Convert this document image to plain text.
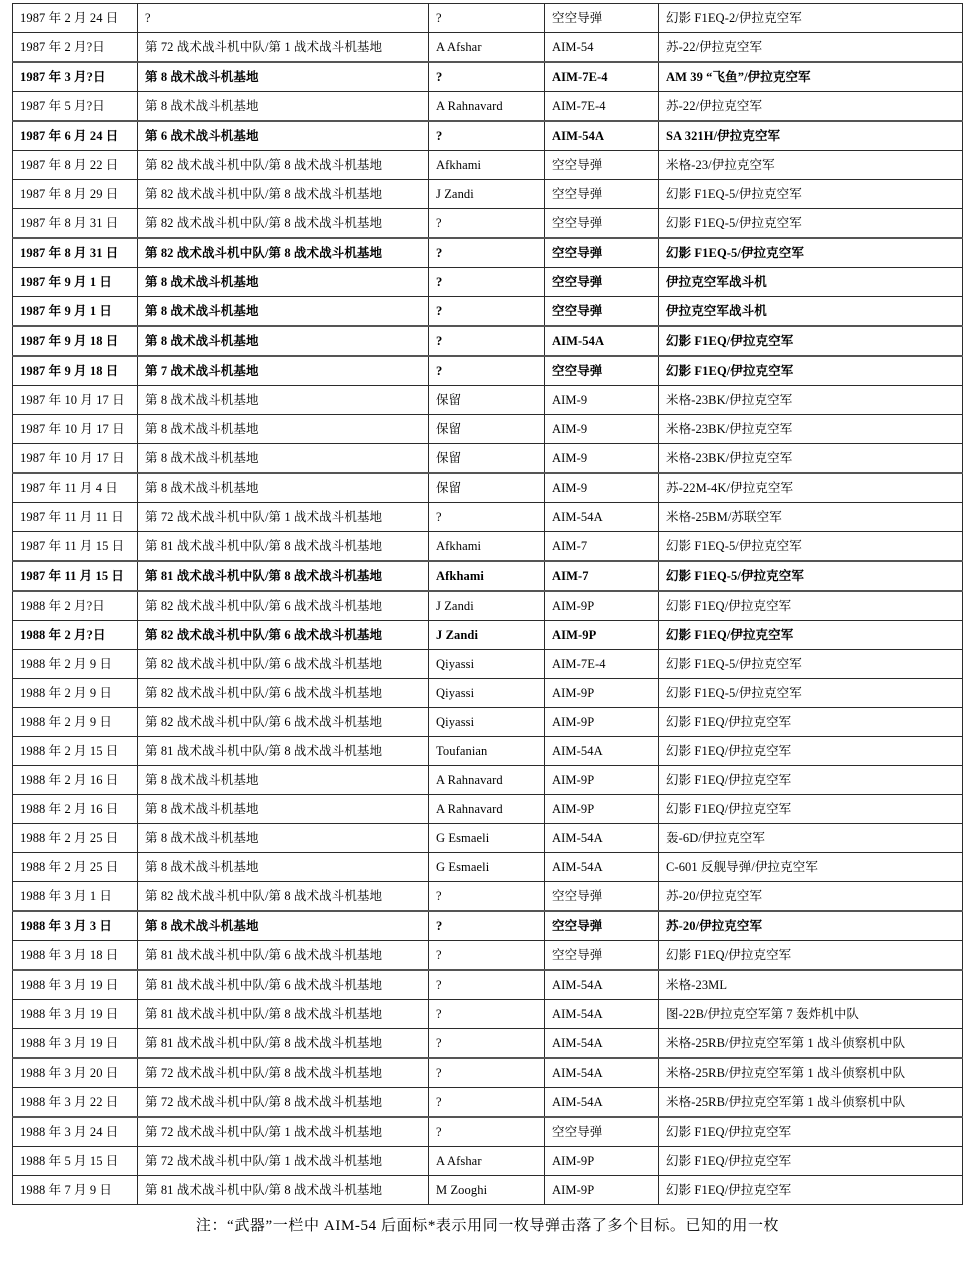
1987 年 2 月 24 日	?	?	空空导弹	幻影 F1EQ-2/伊拉克空军
1987 年 2 月?日	第 72 战术战斗机中队/第 1 战术战斗机基地	A Afshar	AIM-54	苏-22/伊拉克空军
1987 年 3 月?日	第 8 战术战斗机基地	?	AIM-7E-4	AM 39 “飞鱼”/伊拉克空军
1987 年 5 月?日	第 8 战术战斗机基地	A Rahnavard	AIM-7E-4	苏-22/伊拉克空军
1987 年 6 月 24 日	第 6 战术战斗机基地	?	AIM-54A	SA 321H/伊拉克空军
1987 年 8 月 22 日	第 82 战术战斗机中队/第 8 战术战斗机基地	Afkhami	空空导弹	米格-23/伊拉克空军
1987 年 8 月 29 日	第 82 战术战斗机中队/第 8 战术战斗机基地	J Zandi	空空导弹	幻影 F1EQ-5/伊拉克空军
1987 年 8 月 31 日	第 82 战术战斗机中队/第 8 战术战斗机基地	?	空空导弹	幻影 F1EQ-5/伊拉克空军
1987 年 8 月 31 日	第 82 战术战斗机中队/第 8 战术战斗机基地	?	空空导弹	幻影 F1EQ-5/伊拉克空军
1987 年 9 月 1 日	第 8 战术战斗机基地	?	空空导弹	伊拉克空军战斗机
1987 年 9 月 1 日	第 8 战术战斗机基地	?	空空导弹	伊拉克空军战斗机
1987 年 9 月 18 日	第 8 战术战斗机基地	?	AIM-54A	幻影 F1EQ/伊拉克空军
1987 年 9 月 18 日	第 7 战术战斗机基地	?	空空导弹	幻影 F1EQ/伊拉克空军
1987 年 10 月 17 日	第 8 战术战斗机基地	保留	AIM-9	米格-23BK/伊拉克空军
1987 年 10 月 17 日	第 8 战术战斗机基地	保留	AIM-9	米格-23BK/伊拉克空军
1987 年 10 月 17 日	第 8 战术战斗机基地	保留	AIM-9	米格-23BK/伊拉克空军
1987 年 11 月 4 日	第 8 战术战斗机基地	保留	AIM-9	苏-22M-4K/伊拉克空军
1987 年 11 月 11 日	第 72 战术战斗机中队/第 1 战术战斗机基地	?	AIM-54A	米格-25BM/苏联空军
1987 年 11 月 15 日	第 81 战术战斗机中队/第 8 战术战斗机基地	Afkhami	AIM-7	幻影 F1EQ-5/伊拉克空军
1987 年 11 月 15 日	第 81 战术战斗机中队/第 8 战术战斗机基地	Afkhami	AIM-7	幻影 F1EQ-5/伊拉克空军
1988 年 2 月?日	第 82 战术战斗机中队/第 6 战术战斗机基地	J Zandi	AIM-9P	幻影 F1EQ/伊拉克空军
1988 年 2 月?日	第 82 战术战斗机中队/第 6 战术战斗机基地	J Zandi	AIM-9P	幻影 F1EQ/伊拉克空军
1988 年 2 月 9 日	第 82 战术战斗机中队/第 6 战术战斗机基地	Qiyassi	AIM-7E-4	幻影 F1EQ-5/伊拉克空军
1988 年 2 月 9 日	第 82 战术战斗机中队/第 6 战术战斗机基地	Qiyassi	AIM-9P	幻影 F1EQ-5/伊拉克空军
1988 年 2 月 9 日	第 82 战术战斗机中队/第 6 战术战斗机基地	Qiyassi	AIM-9P	幻影 F1EQ/伊拉克空军
1988 年 2 月 15 日	第 81 战术战斗机中队/第 8 战术战斗机基地	Toufanian	AIM-54A	幻影 F1EQ/伊拉克空军
1988 年 2 月 16 日	第 8 战术战斗机基地	A Rahnavard	AIM-9P	幻影 F1EQ/伊拉克空军
1988 年 2 月 16 日	第 8 战术战斗机基地	A Rahnavard	AIM-9P	幻影 F1EQ/伊拉克空军
1988 年 2 月 25 日	第 8 战术战斗机基地	G Esmaeli	AIM-54A	轰-6D/伊拉克空军
1988 年 2 月 25 日	第 8 战术战斗机基地	G Esmaeli	AIM-54A	C-601 反舰导弹/伊拉克空军
1988 年 3 月 1 日	第 82 战术战斗机中队/第 8 战术战斗机基地	?	空空导弹	苏-20/伊拉克空军
1988 年 3 月 3 日	第 8 战术战斗机基地	?	空空导弹	苏-20/伊拉克空军
1988 年 3 月 18 日	第 81 战术战斗机中队/第 6 战术战斗机基地	?	空空导弹	幻影 F1EQ/伊拉克空军
1988 年 3 月 19 日	第 81 战术战斗机中队/第 6 战术战斗机基地	?	AIM-54A	米格-23ML
1988 年 3 月 19 日	第 81 战术战斗机中队/第 8 战术战斗机基地	?	AIM-54A	图-22B/伊拉克空军第 7 轰炸机中队
1988 年 3 月 19 日	第 81 战术战斗机中队/第 8 战术战斗机基地	?	AIM-54A	米格-25RB/伊拉克空军第 1 战斗侦察机中队
1988 年 3 月 20 日	第 72 战术战斗机中队/第 8 战术战斗机基地	?	AIM-54A	米格-25RB/伊拉克空军第 1 战斗侦察机中队
1988 年 3 月 22 日	第 72 战术战斗机中队/第 8 战术战斗机基地	?	AIM-54A	米格-25RB/伊拉克空军第 1 战斗侦察机中队
1988 年 3 月 24 日	第 72 战术战斗机中队/第 1 战术战斗机基地	?	空空导弹	幻影 F1EQ/伊拉克空军
1988 年 5 月 15 日	第 72 战术战斗机中队/第 1 战术战斗机基地	A Afshar	AIM-9P	幻影 F1EQ/伊拉克空军
1988 年 7 月 9 日	第 81 战术战斗机中队/第 8 战术战斗机基地	M Zooghi	AIM-9P	幻影 F1EQ/伊拉克空军
注：“武器”一栏中 AIM-54 后面标*表示用同一枚导弹击落了多个目标。已知的用一枚
